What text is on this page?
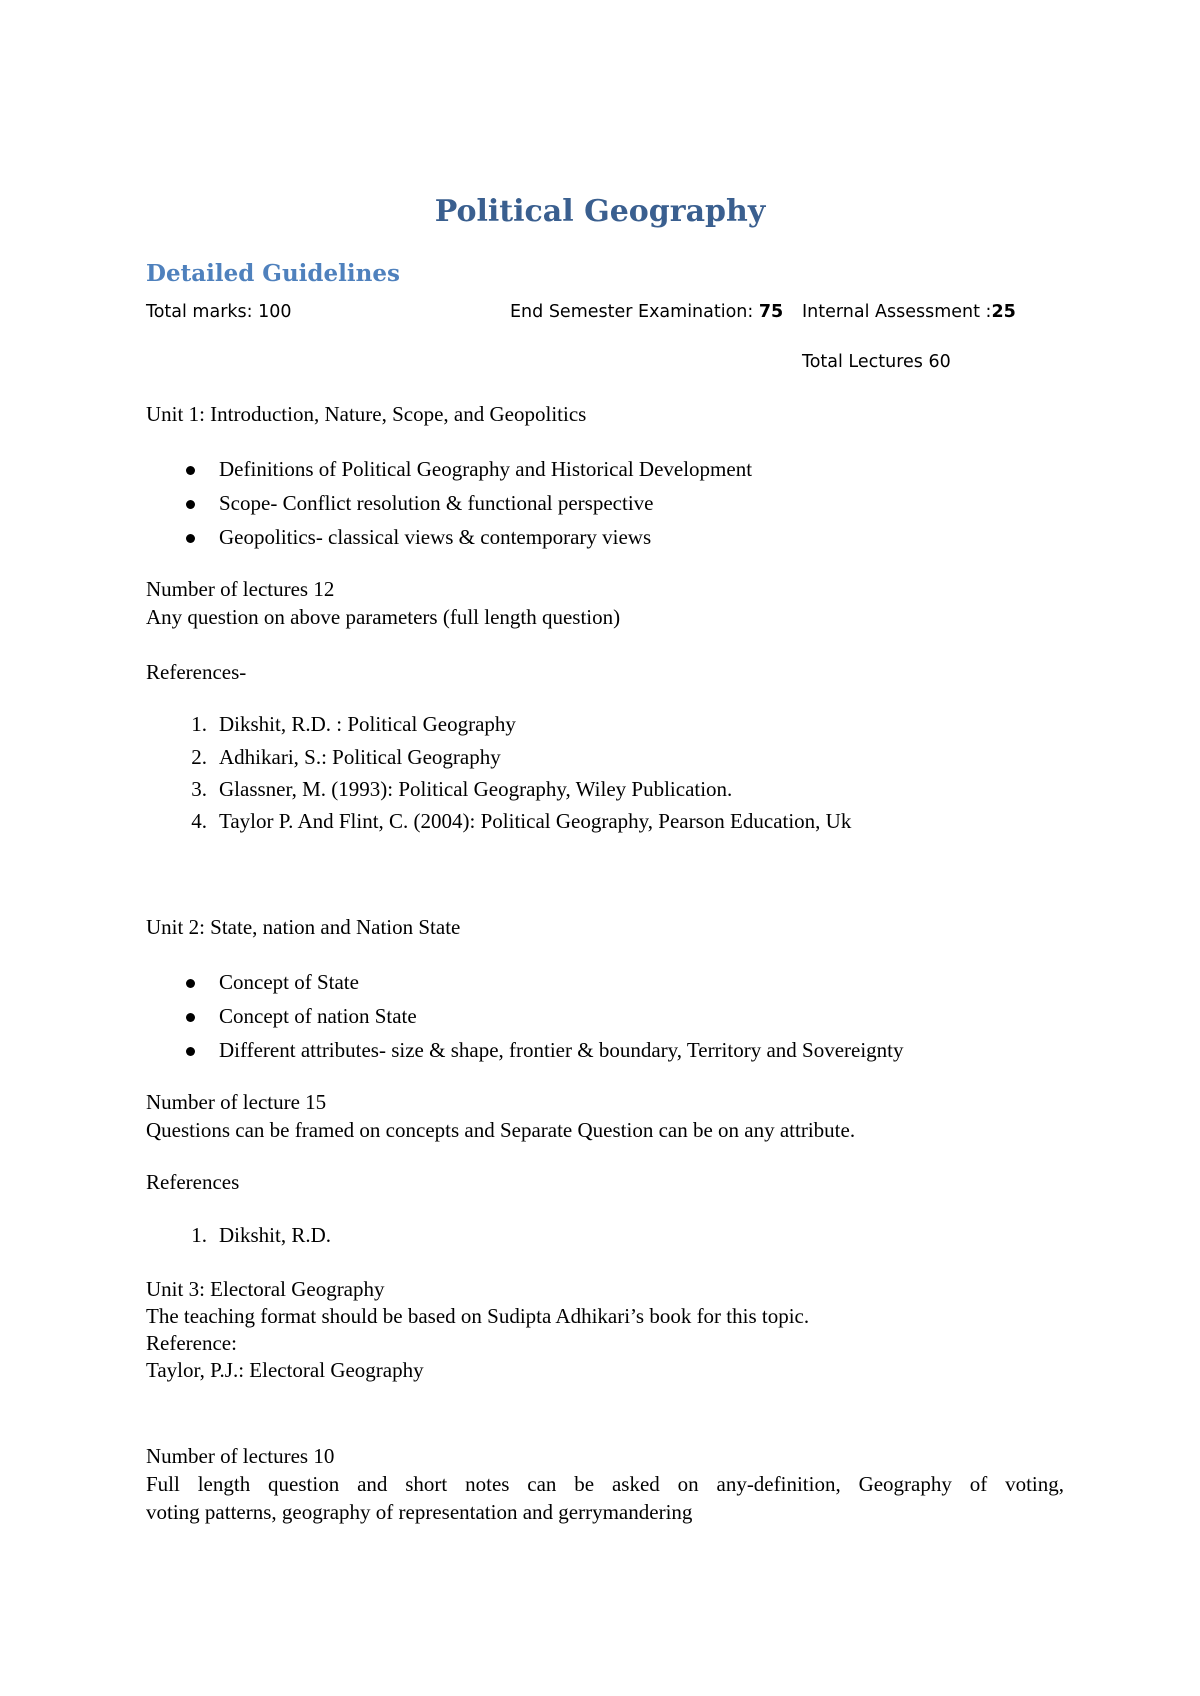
Political Geography
Detailed Guidelines
Total marks: 100	End Semester Examination: 75 Internal Assessment :25
Total Lectures 60
Unit 1: Introduction, Nature, Scope, and Geopolitics
Definitions of Political Geography and Historical Development
Scope- Conflict resolution & functional perspective
Geopolitics- classical views & contemporary views
Number of lectures 12
Any question on above parameters (full length question)
References-
1. Dikshit, R.D. : Political Geography
2. Adhikari, S.: Political Geography
3. Glassner, M. (1993): Political Geography, Wiley Publication.
4. Taylor P. And Flint, C. (2004): Political Geography, Pearson Education, Uk
Unit 2: State, nation and Nation State
Concept of State
Concept of nation State
Different attributes- size & shape, frontier & boundary, Territory and Sovereignty
Number of lecture 15
Questions can be framed on concepts and Separate Question can be on any attribute.
References
1. Dikshit, R.D.
Unit 3: Electoral Geography
The teaching format should be based on Sudipta Adhikari’s book for this topic.
Reference:
Taylor, P.J.: Electoral Geography
Number of lectures 10
Full length question and short notes can be asked on any-definition, Geography of voting,
voting patterns, geography of representation and gerrymandering
